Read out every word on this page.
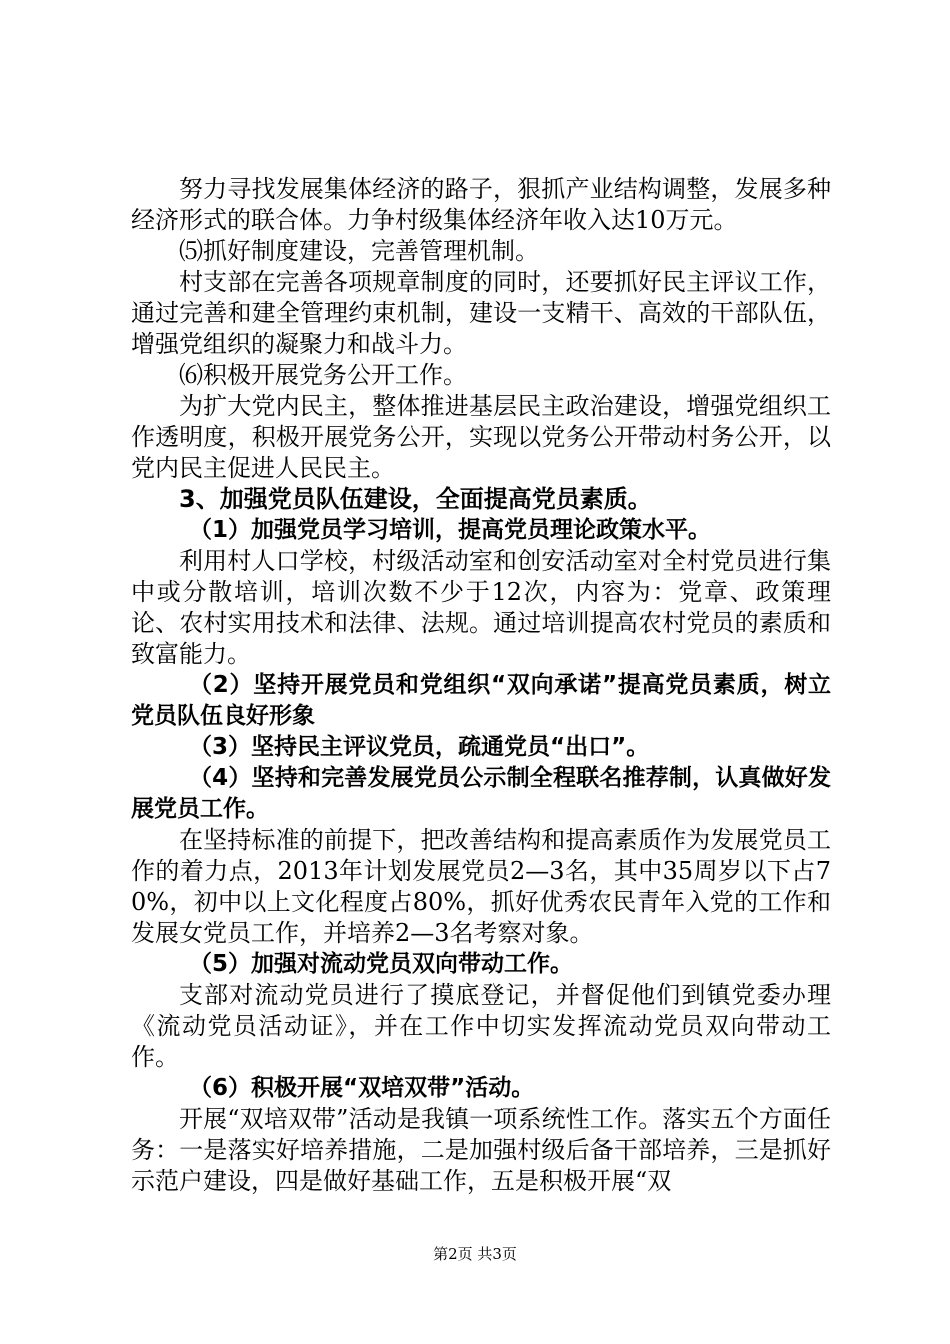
努力寻找发展集体经济的路子，狠抓产业结构调整，发展多种经济形式的联合体。力争村级集体经济年收入达10万元。

⑸抓好制度建设，完善管理机制。

村支部在完善各项规章制度的同时，还要抓好民主评议工作，通过完善和建全管理约束机制，建设一支精干、高效的干部队伍，增强党组织的凝聚力和战斗力。

⑹积极开展党务公开工作。

为扩大党内民主，整体推进基层民主政治建设，增强党组织工作透明度，积极开展党务公开，实现以党务公开带动村务公开，以党内民主促进人民民主。

3、加强党员队伍建设，全面提高党员素质。

（1）加强党员学习培训，提高党员理论政策水平。

利用村人口学校，村级活动室和创安活动室对全村党员进行集中或分散培训，培训次数不少于12次，内容为：党章、政策理论、农村实用技术和法律、法规。通过培训提高农村党员的素质和致富能力。

（2）坚持开展党员和党组织“双向承诺”提高党员素质，树立党员队伍良好形象

（3）坚持民主评议党员，疏通党员“出口”。

（4）坚持和完善发展党员公示制全程联名推荐制，认真做好发展党员工作。

在坚持标准的前提下，把改善结构和提高素质作为发展党员工作的着力点，2013年计划发展党员2—3名，其中35周岁以下占70%，初中以上文化程度占80%，抓好优秀农民青年入党的工作和发展女党员工作，并培养2—3名考察对象。

（5）加强对流动党员双向带动工作。

支部对流动党员进行了摸底登记，并督促他们到镇党委办理《流动党员活动证》，并在工作中切实发挥流动党员双向带动工作。

（6）积极开展“双培双带”活动。

开展“双培双带”活动是我镇一项系统性工作。落实五个方面任务：一是落实好培养措施，二是加强村级后备干部培养，三是抓好示范户建设，四是做好基础工作，五是积极开展“双

第2页 共3页
